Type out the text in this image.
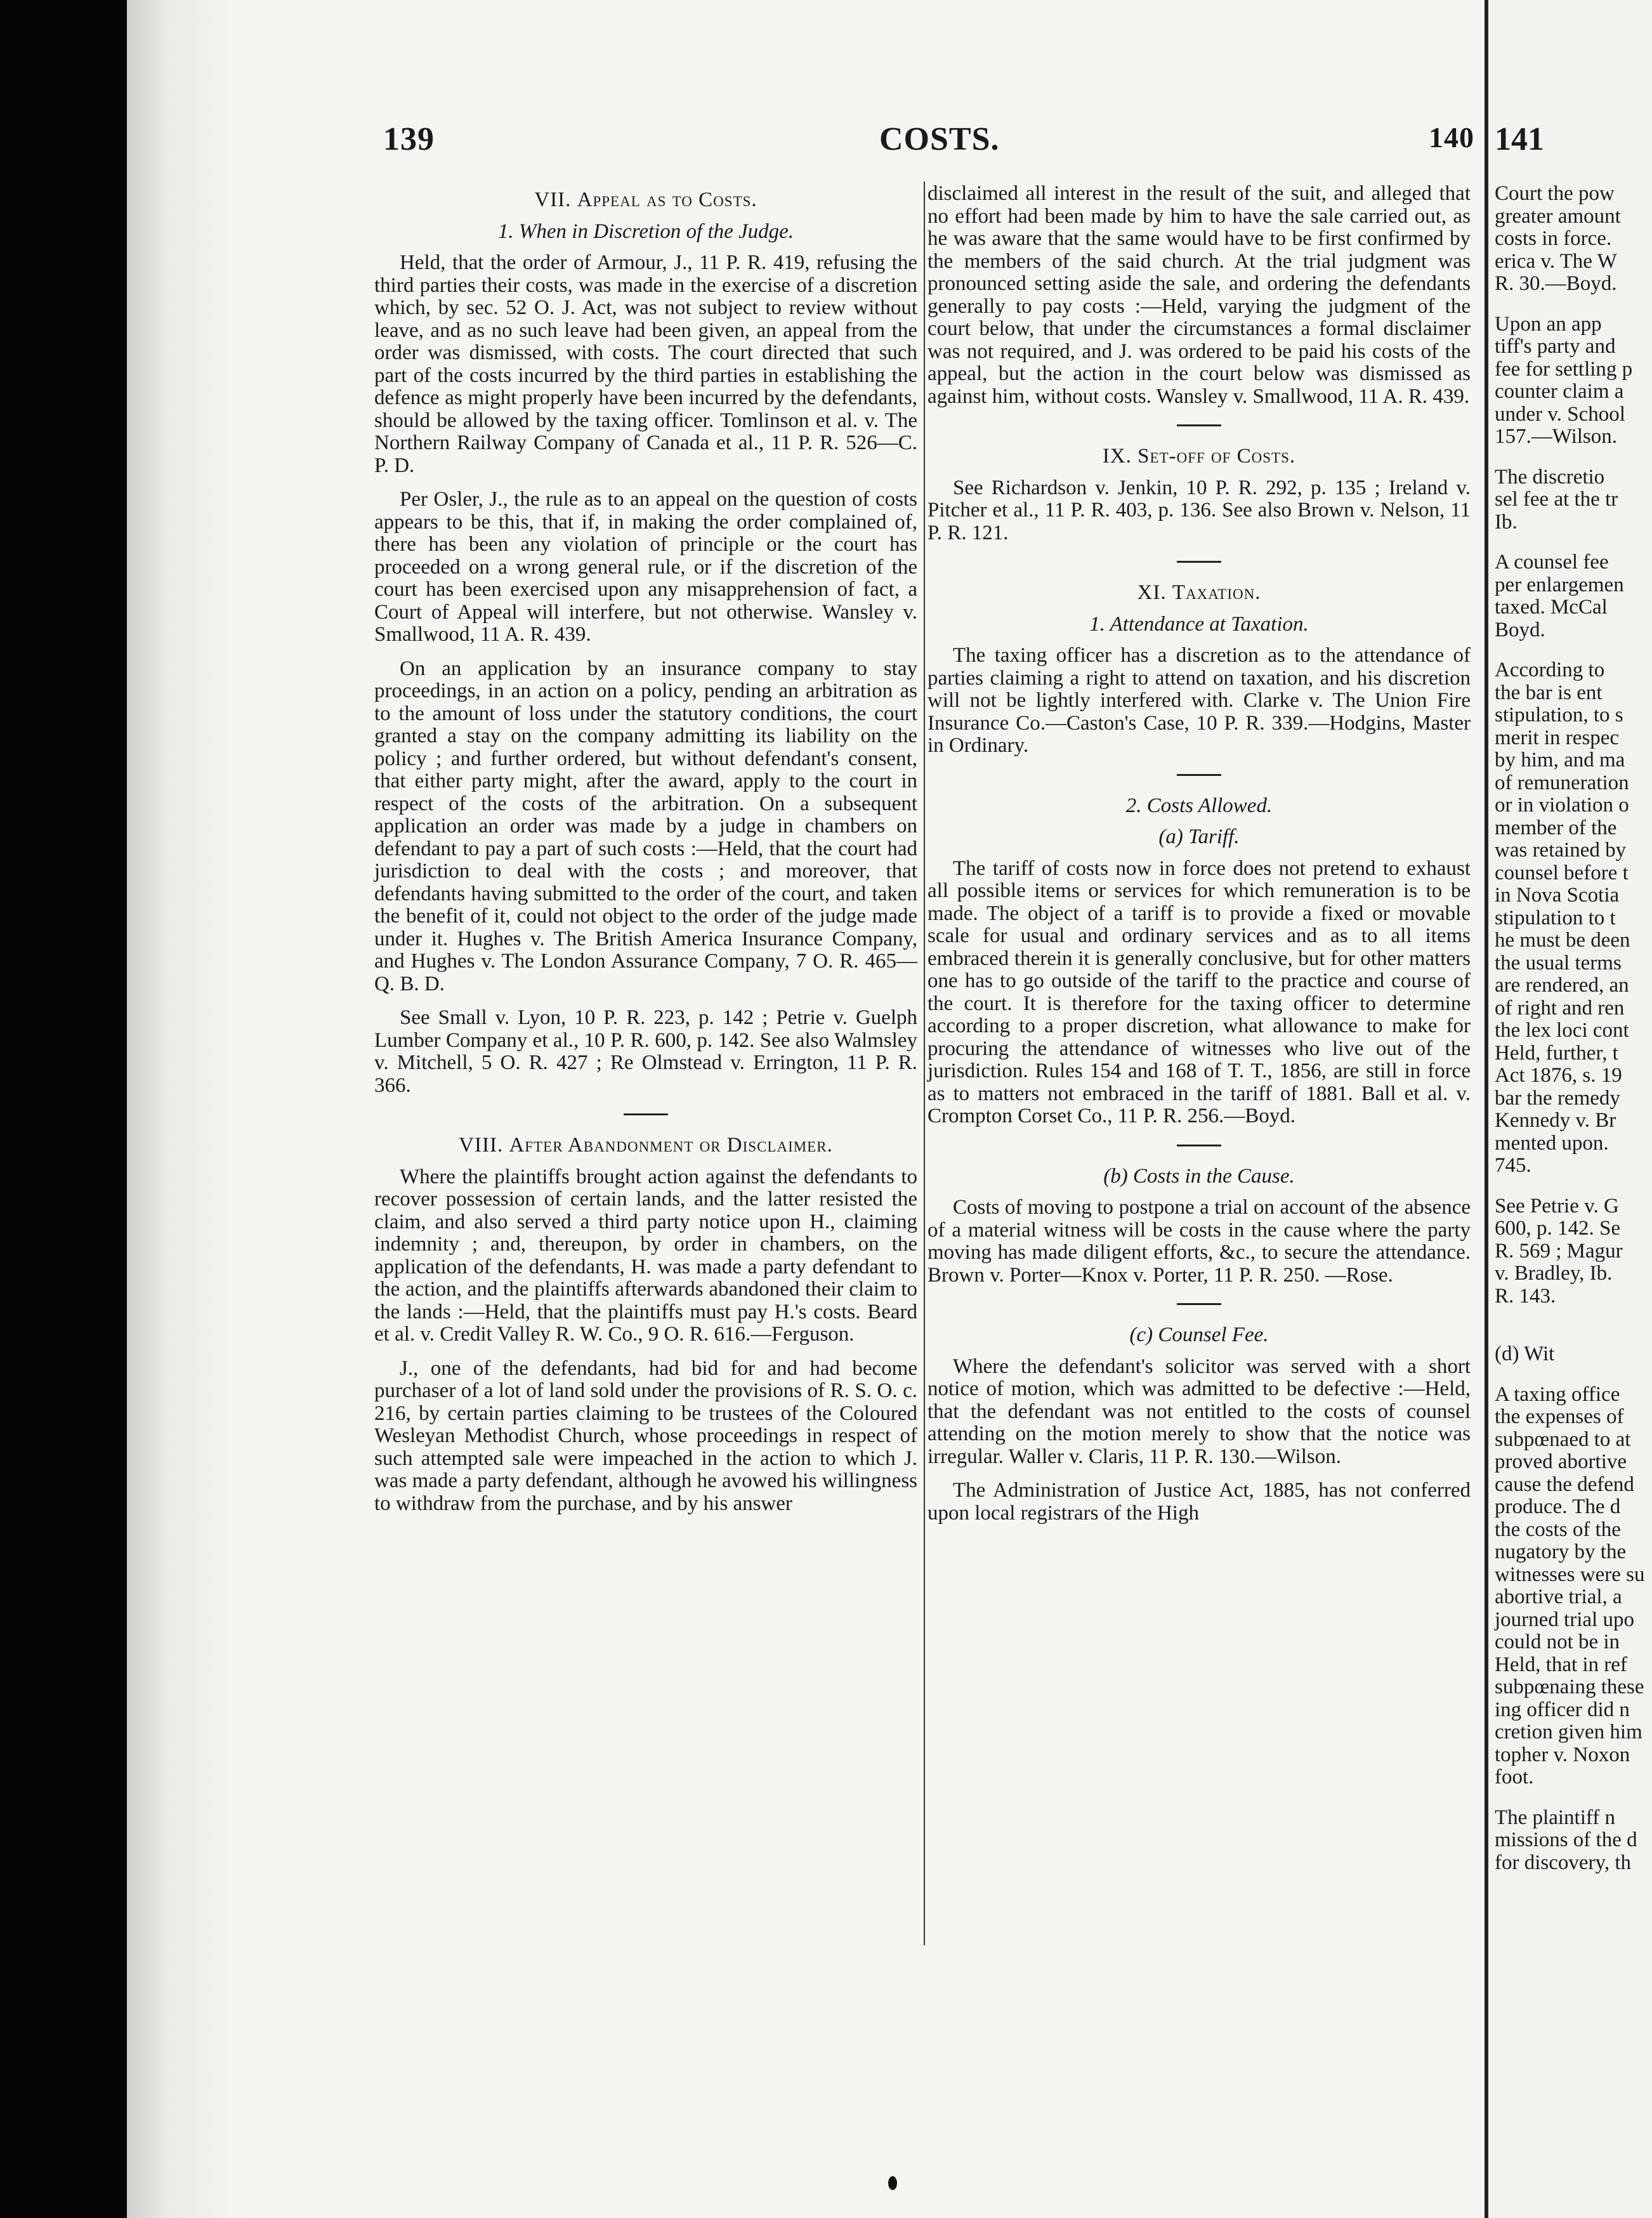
141
Court the pow
greater amount
costs in force.
erica v. The W
R. 30.—Boyd.
Upon an app
tiff's party and
fee for settling p
counter claim a
under v. School
157.—Wilson.
The discretio
sel fee at the tr
Ib.
A counsel fee
per enlargemen
taxed. McCal
Boyd.
According to
the bar is ent
stipulation, to s
merit in respec
by him, and ma
of remuneration
or in violation o
member of the
was retained by
counsel before t
in Nova Scotia
stipulation to t
he must be deen
the usual terms
are rendered, an
of right and ren
the lex loci cont
Held, further, t
Act 1876, s. 19
bar the remedy
Kennedy v. Br
mented upon.
745.
See Petrie v. G
600, p. 142. Se
R. 569 ; Magur
v. Bradley, Ib.
R. 143.
(d) Wit
A taxing office
the expenses of
subpœnaed to at
proved abortive
cause the defend
produce. The d
the costs of the
nugatory by the
witnesses were su
abortive trial, a
journed trial upo
could not be in
Held, that in ref
subpœnaing these
ing officer did n
cretion given him
topher v. Noxon
foot.
The plaintiff n
missions of the d
for discovery, th
139	COSTS.	140
VII. Appeal as to Costs.
1. When in Discretion of the Judge.

Held, that the order of Armour, J., 11 P. R. 419, refusing the third parties their costs, was made in the exercise of a discretion which, by sec. 52 O. J. Act, was not subject to review without leave, and as no such leave had been given, an appeal from the order was dismissed, with costs. The court directed that such part of the costs incurred by the third parties in establishing the defence as might properly have been incurred by the defendants, should be allowed by the taxing officer. Tomlinson et al. v. The Northern Railway Company of Canada et al., 11 P. R. 526—C. P. D.

Per Osler, J., the rule as to an appeal on the question of costs appears to be this, that if, in making the order complained of, there has been any violation of principle or the court has proceeded on a wrong general rule, or if the discretion of the court has been exercised upon any misapprehension of fact, a Court of Appeal will interfere, but not otherwise. Wansley v. Smallwood, 11 A. R. 439.

On an application by an insurance company to stay proceedings, in an action on a policy, pending an arbitration as to the amount of loss under the statutory conditions, the court granted a stay on the company admitting its liability on the policy ; and further ordered, but without defendant's consent, that either party might, after the award, apply to the court in respect of the costs of the arbitration. On a subsequent application an order was made by a judge in chambers on defendant to pay a part of such costs :—Held, that the court had jurisdiction to deal with the costs ; and moreover, that defendants having submitted to the order of the court, and taken the benefit of it, could not object to the order of the judge made under it. Hughes v. The British America Insurance Company, and Hughes v. The London Assurance Company, 7 O. R. 465—Q. B. D.

See Small v. Lyon, 10 P. R. 223, p. 142 ; Petrie v. Guelph Lumber Company et al., 10 P. R. 600, p. 142. See also Walmsley v. Mitchell, 5 O. R. 427 ; Re Olmstead v. Errington, 11 P. R. 366.

VIII. After Abandonment or Disclaimer.

Where the plaintiffs brought action against the defendants to recover possession of certain lands, and the latter resisted the claim, and also served a third party notice upon H., claiming indemnity ; and, thereupon, by order in chambers, on the application of the defendants, H. was made a party defendant to the action, and the plaintiffs afterwards abandoned their claim to the lands :—Held, that the plaintiffs must pay H.'s costs. Beard et al. v. Credit Valley R. W. Co., 9 O. R. 616.—Ferguson.

J., one of the defendants, had bid for and had become purchaser of a lot of land sold under the provisions of R. S. O. c. 216, by certain parties claiming to be trustees of the Coloured Wesleyan Methodist Church, whose proceedings in respect of such attempted sale were impeached in the action to which J. was made a party defendant, although he avowed his willingness to withdraw from the purchase, and by his answer

disclaimed all interest in the result of the suit, and alleged that no effort had been made by him to have the sale carried out, as he was aware that the same would have to be first confirmed by the members of the said church. At the trial judgment was pronounced setting aside the sale, and ordering the defendants generally to pay costs :—Held, varying the judgment of the court below, that under the circumstances a formal disclaimer was not required, and J. was ordered to be paid his costs of the appeal, but the action in the court below was dismissed as against him, without costs. Wansley v. Smallwood, 11 A. R. 439.

IX. Set-off of Costs.

See Richardson v. Jenkin, 10 P. R. 292, p. 135 ; Ireland v. Pitcher et al., 11 P. R. 403, p. 136. See also Brown v. Nelson, 11 P. R. 121.

XI. Taxation.
1. Attendance at Taxation.

The taxing officer has a discretion as to the attendance of parties claiming a right to attend on taxation, and his discretion will not be lightly interfered with. Clarke v. The Union Fire Insurance Co.—Caston's Case, 10 P. R. 339.—Hodgins, Master in Ordinary.

2. Costs Allowed.
(a) Tariff.

The tariff of costs now in force does not pretend to exhaust all possible items or services for which remuneration is to be made. The object of a tariff is to provide a fixed or movable scale for usual and ordinary services and as to all items embraced therein it is generally conclusive, but for other matters one has to go outside of the tariff to the practice and course of the court. It is therefore for the taxing officer to determine according to a proper discretion, what allowance to make for procuring the attendance of witnesses who live out of the jurisdiction. Rules 154 and 168 of T. T., 1856, are still in force as to matters not embraced in the tariff of 1881. Ball et al. v. Crompton Corset Co., 11 P. R. 256.—Boyd.

(b) Costs in the Cause.

Costs of moving to postpone a trial on account of the absence of a material witness will be costs in the cause where the party moving has made diligent efforts, &c., to secure the attendance. Brown v. Porter—Knox v. Porter, 11 P. R. 250. —Rose.

(c) Counsel Fee.

Where the defendant's solicitor was served with a short notice of motion, which was admitted to be defective :—Held, that the defendant was not entitled to the costs of counsel attending on the motion merely to show that the notice was irregular. Waller v. Claris, 11 P. R. 130.—Wilson.

The Administration of Justice Act, 1885, has not conferred upon local registrars of the High
